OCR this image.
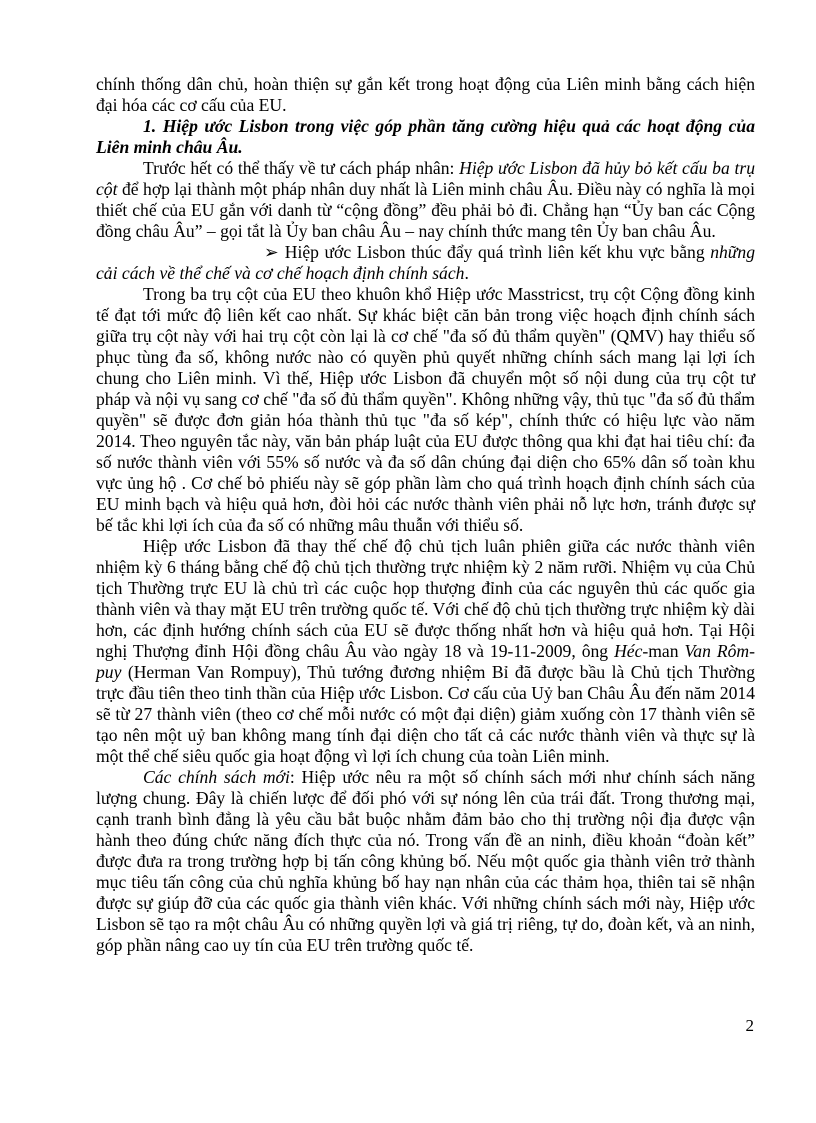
chính thống dân chủ, hoàn thiện sự gắn kết trong hoạt động của Liên minh bằng cách hiện đại hóa các cơ cấu của EU.

1. Hiệp ước Lisbon trong việc góp phần tăng cường hiệu quả các hoạt động của Liên minh châu Âu.

Trước hết có thể thấy về tư cách pháp nhân: Hiệp ước Lisbon đã hủy bỏ kết cấu ba trụ cột để hợp lại thành một pháp nhân duy nhất là Liên minh châu Âu. Điều này có nghĩa là mọi thiết chế của EU gắn với danh từ “cộng đồng” đều phải bỏ đi. Chẳng hạn “Ủy ban các Cộng đồng châu Âu” – gọi tắt là Ủy ban châu Âu – nay chính thức mang tên Ủy ban châu Âu.

➢ Hiệp ước Lisbon thúc đẩy quá trình liên kết khu vực bằng những cải cách về thể chế và cơ chế hoạch định chính sách.

Trong ba trụ cột của EU theo khuôn khổ Hiệp ước Masstricst, trụ cột Cộng đồng kinh tế đạt tới mức độ liên kết cao nhất. Sự khác biệt căn bản trong việc hoạch định chính sách giữa trụ cột này với hai trụ cột còn lại là cơ chế "đa số đủ thẩm quyền" (QMV) hay thiểu số phục tùng đa số, không nước nào có quyền phủ quyết những chính sách mang lại lợi ích chung cho Liên minh. Vì thế, Hiệp ước Lisbon đã chuyển một số nội dung của trụ cột tư pháp và nội vụ sang cơ chế "đa số đủ thẩm quyền". Không những vậy, thủ tục "đa số đủ thẩm quyền" sẽ được đơn giản hóa thành thủ tục "đa số kép", chính thức có hiệu lực vào năm 2014. Theo nguyên tắc này, văn bản pháp luật của EU được thông qua khi đạt hai tiêu chí: đa số nước thành viên với 55% số nước và đa số dân chúng đại diện cho 65% dân số toàn khu vực ủng hộ . Cơ chế bỏ phiếu này sẽ góp phần làm cho quá trình hoạch định chính sách của EU minh bạch và hiệu quả hơn, đòi hỏi các nước thành viên phải nỗ lực hơn, tránh được sự bế tắc khi lợi ích của đa số có những mâu thuẫn với thiểu số.

Hiệp ước Lisbon đã thay thế chế độ chủ tịch luân phiên giữa các nước thành viên nhiệm kỳ 6 tháng bằng chế độ chủ tịch thường trực nhiệm kỳ 2 năm rưỡi. Nhiệm vụ của Chủ tịch Thường trực EU là chủ trì các cuộc họp thượng đỉnh của các nguyên thủ các quốc gia thành viên và thay mặt EU trên trường quốc tế. Với chế độ chủ tịch thường trực nhiệm kỳ dài hơn, các định hướng chính sách của EU sẽ được thống nhất hơn và hiệu quả hơn. Tại Hội nghị Thượng đỉnh Hội đồng châu Âu vào ngày 18 và 19-11-2009, ông Héc-man Van Rôm-puy (Herman Van Rompuy), Thủ tướng đương nhiệm Bỉ đã được bầu là Chủ tịch Thường trực đầu tiên theo tinh thần của Hiệp ước Lisbon. Cơ cấu của Uỷ ban Châu Âu đến năm 2014 sẽ từ 27 thành viên (theo cơ chế mỗi nước có một đại diện) giảm xuống còn 17 thành viên sẽ tạo nên một uỷ ban không mang tính đại diện cho tất cả các nước thành viên và thực sự là một thể chế siêu quốc gia hoạt động vì lợi ích chung của toàn Liên minh.

Các chính sách mới: Hiệp ước nêu ra một số chính sách mới như chính sách năng lượng chung. Đây là chiến lược để đối phó với sự nóng lên của trái đất. Trong thương mại, cạnh tranh bình đẳng là yêu cầu bắt buộc nhằm đảm bảo cho thị trường nội địa được vận hành theo đúng chức năng đích thực của nó. Trong vấn đề an ninh, điều khoản “đoàn kết” được đưa ra trong trường hợp bị tấn công khủng bố. Nếu một quốc gia thành viên trở thành mục tiêu tấn công của chủ nghĩa khủng bố hay nạn nhân của các thảm họa, thiên tai sẽ nhận được sự giúp đỡ của các quốc gia thành viên khác. Với những chính sách mới này, Hiệp ước Lisbon sẽ tạo ra một châu Âu có những quyền lợi và giá trị riêng, tự do, đoàn kết, và an ninh, góp phần nâng cao uy tín của EU trên trường quốc tế.

2
